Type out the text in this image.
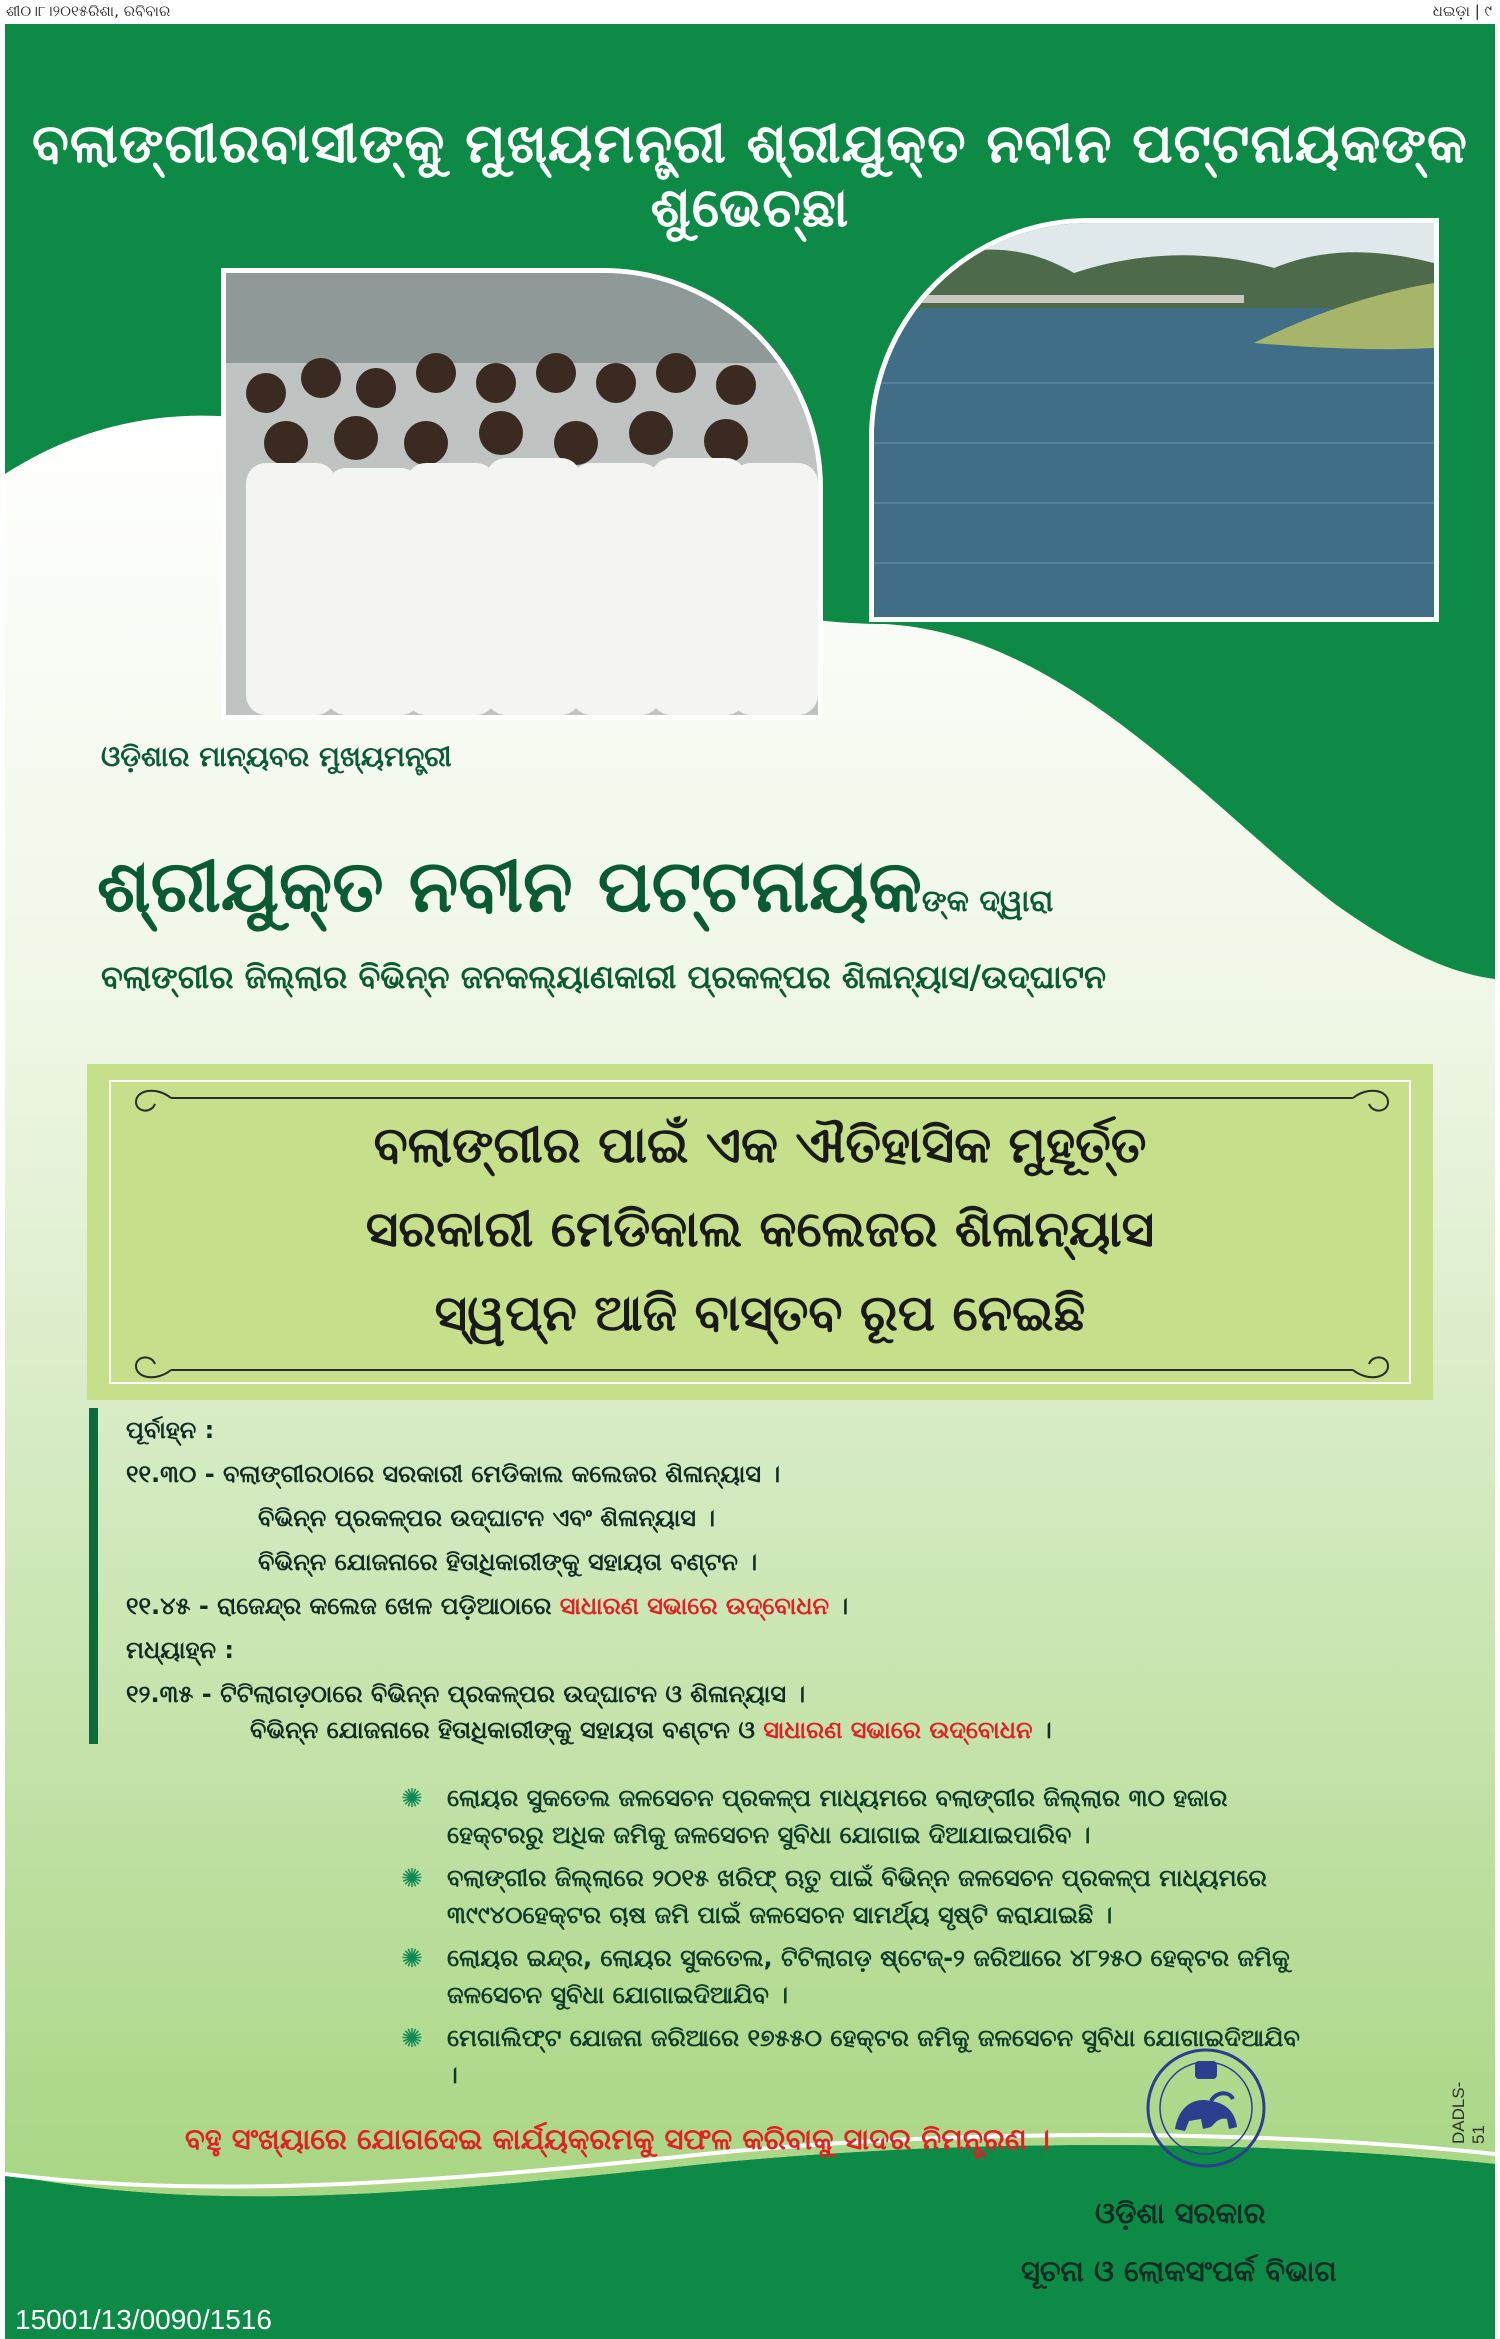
ଶୀ୦।୮।୨୦୧୫ରିଶା, ରବିବାର	ଧଇଡ଼ା | ୯
ବଲାଙ୍ଗୀରବାସୀଙ୍କୁ ମୁଖ୍ୟମନ୍ତ୍ରୀ ଶ୍ରୀଯୁକ୍ତ ନବୀନ ପଟ୍ଟନାୟକଙ୍କ ଶୁଭେଚ୍ଛା
ଓଡ଼ିଶାର ମାନ୍ୟବର ମୁଖ୍ୟମନ୍ତ୍ରୀ
ଶ୍ରୀଯୁକ୍ତ ନବୀନ ପଟ୍ଟନାୟକଙ୍କ ଦ୍ୱାରା
ବଲାଙ୍ଗୀର ଜିଲ୍ଲାର ବିଭିନ୍ନ ଜନକଲ୍ୟାଣକାରୀ ପ୍ରକଳ୍ପର ଶିଳାନ୍ୟାସ/ଉଦ୍‌ଘାଟନ
ବଲାଙ୍ଗୀର ପାଇଁ ଏକ ଐତିହାସିକ ମୁହୂର୍ତ୍ତ
ସରକାରୀ ମେଡିକାଲ କଲେଜର ଶିଳାନ୍ୟାସ
ସ୍ୱପ୍ନ ଆଜି ବାସ୍ତବ ରୂପ ନେଇଛି
ପୂର୍ବାହ୍ନ :
୧୧.୩୦ - ବଲାଙ୍ଗୀରଠାରେ ସରକାରୀ ମେଡିକାଲ କଲେଜର ଶିଳାନ୍ୟାସ ।
ବିଭିନ୍ନ ପ୍ରକଳ୍ପର ଉଦ୍‌ଘାଟନ ଏବଂ ଶିଳାନ୍ୟାସ ।
ବିଭିନ୍ନ ଯୋଜନାରେ ହିତାଧିକାରୀଙ୍କୁ ସହାୟତା ବଣ୍ଟନ ।
୧୧.୪୫ - ରାଜେନ୍ଦ୍ର କଲେଜ ଖେଳ ପଡ଼ିଆଠାରେ ସାଧାରଣ ସଭାରେ ଉଦ୍‌ବୋଧନ ।
ମଧ୍ୟାହ୍ନ :
୧୨.୩୫ - ଟିଟିଲାଗଡ଼ଠାରେ ବିଭିନ୍ନ ପ୍ରକଳ୍ପର ଉଦ୍‌ଘାଟନ ଓ ଶିଳାନ୍ୟାସ ।
ବିଭିନ୍ନ ଯୋଜନାରେ ହିତାଧିକାରୀଙ୍କୁ ସହାୟତା ବଣ୍ଟନ ଓ ସାଧାରଣ ସଭାରେ ଉଦ୍‌ବୋଧନ ।
✺ ଲୋୟର ସୁକତେଲ ଜଳସେଚନ ପ୍ରକଳ୍ପ ମାଧ୍ୟମରେ ବଲାଙ୍ଗୀର ଜିଲ୍ଲାର ୩୦ ହଜାର ହେକ୍ଟରରୁ ଅଧିକ ଜମିକୁ ଜଳସେଚନ ସୁବିଧା ଯୋଗାଇ ଦିଆଯାଇପାରିବ ।
✺ ବଲାଙ୍ଗୀର ଜିଲ୍ଲାରେ ୨୦୧୫ ଖରିଫ୍ ଋତୁ ପାଇଁ ବିଭିନ୍ନ ଜଳସେଚନ ପ୍ରକଳ୍ପ ମାଧ୍ୟମରେ ୩୯୯୪୦ହେକ୍ଟର ଚାଷ ଜମି ପାଇଁ ଜଳସେଚନ ସାମର୍ଥ୍ୟ ସୃଷ୍ଟି କରାଯାଇଛି ।
✺ ଲୋୟର ଇନ୍ଦ୍ର, ଲୋୟର ସୁକତେଲ, ଟିଟିଲାଗଡ଼ ଷ୍ଟେଜ୍-୨ ଜରିଆରେ ୪୮୨୫୦ ହେକ୍ଟର ଜମିକୁ ଜଳସେଚନ ସୁବିଧା ଯୋଗାଇଦିଆଯିବ ।
✺ ମେଗାଲିଫ୍ଟ ଯୋଜନା ଜରିଆରେ ୧୭୫୫୦ ହେକ୍ଟର ଜମିକୁ ଜଳସେଚନ ସୁବିଧା ଯୋଗାଇଦିଆଯିବ ।
ବହୁ ସଂଖ୍ୟାରେ ଯୋଗଦେଇ କାର୍ଯ୍ୟକ୍ରମକୁ ସଫଳ କରିବାକୁ ସାଦର ନିମନ୍ତ୍ରଣ ।
ଓଡ଼ିଶା ସରକାର
ସୂଚନା ଓ ଲୋକସଂପର୍କ ବିଭାଗ
15001/13/0090/1516
DADLS-51
